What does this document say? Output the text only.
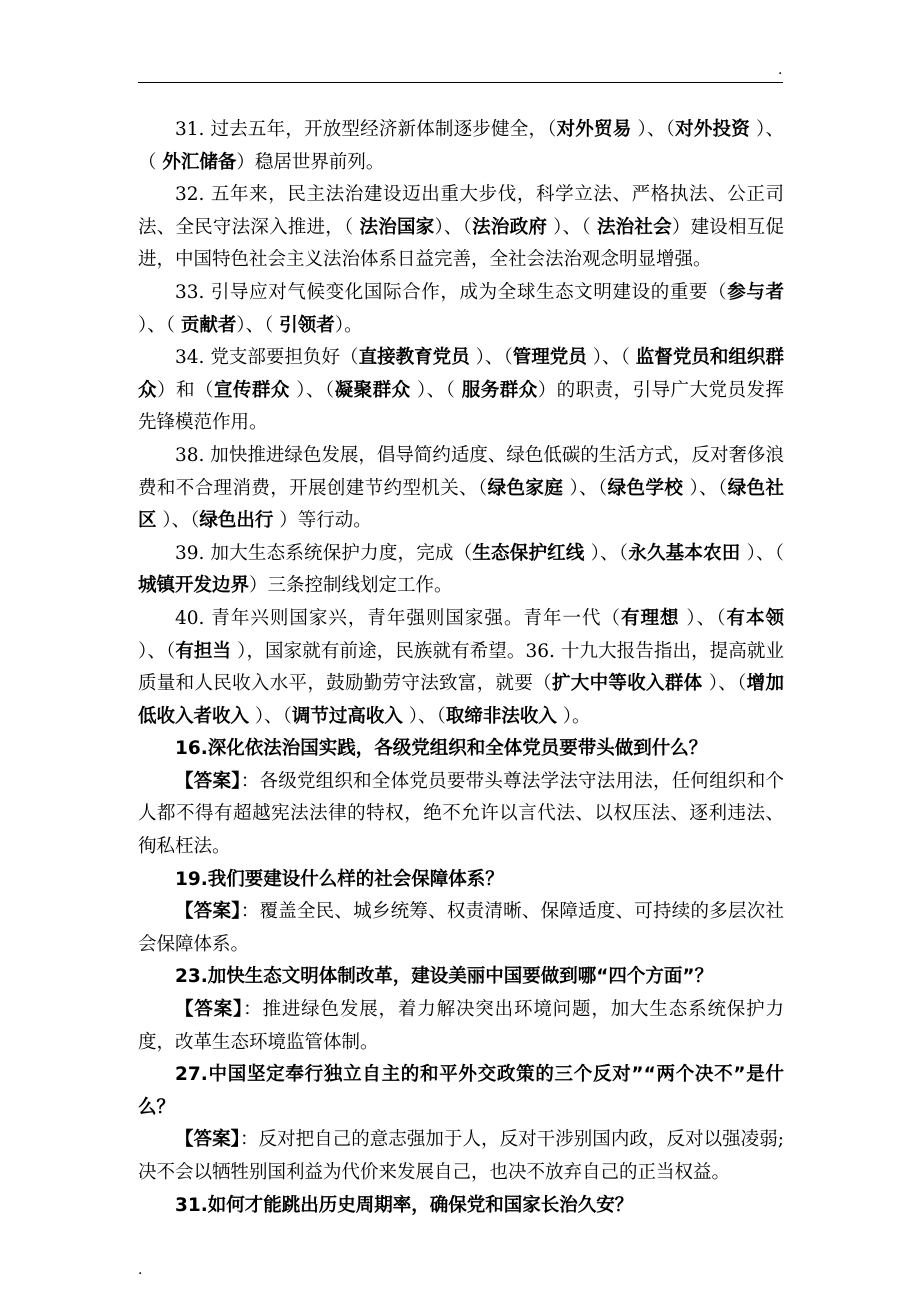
.

31. 过去五年，开放型经济新体制逐步健全，（对外贸易 ）、（对外投资 ）、（ 外汇储备）稳居世界前列。

32. 五年来，民主法治建设迈出重大步伐，科学立法、严格执法、公正司法、全民守法深入推进，（ 法治国家）、（法治政府 ）、（ 法治社会）建设相互促进，中国特色社会主义法治体系日益完善，全社会法治观念明显增强。

33. 引导应对气候变化国际合作，成为全球生态文明建设的重要（参与者 ）、（ 贡献者）、（ 引领者）。

34. 党支部要担负好（直接教育党员 ）、（管理党员 ）、（ 监督党员和组织群众）和（宣传群众 ）、（凝聚群众 ）、（ 服务群众）的职责，引导广大党员发挥先锋模范作用。

38. 加快推进绿色发展，倡导简约适度、绿色低碳的生活方式，反对奢侈浪费和不合理消费，开展创建节约型机关、（绿色家庭 ）、（绿色学校 ）、（绿色社区 ）、（绿色出行 ）等行动。

39. 加大生态系统保护力度，完成（生态保护红线 ）、（永久基本农田 ）、（ 城镇开发边界）三条控制线划定工作。

40. 青年兴则国家兴，青年强则国家强。青年一代（有理想 ）、（有本领 ）、（有担当 ），国家就有前途，民族就有希望。36. 十九大报告指出，提高就业质量和人民收入水平，鼓励勤劳守法致富，就要（扩大中等收入群体 ）、（增加低收入者收入 ）、（调节过高收入 ）、（取缔非法收入 ）。

16.深化依法治国实践，各级党组织和全体党员要带头做到什么？

【答案】：各级党组织和全体党员要带头尊法学法守法用法，任何组织和个人都不得有超越宪法法律的特权，绝不允许以言代法、以权压法、逐利违法、徇私枉法。

19.我们要建设什么样的社会保障体系？

【答案】：覆盖全民、城乡统筹、权责清晰、保障适度、可持续的多层次社会保障体系。

23.加快生态文明体制改革，建设美丽中国要做到哪“四个方面”？

【答案】：推进绿色发展，着力解决突出环境问题，加大生态系统保护力度，改革生态环境监管体制。

27.中国坚定奉行独立自主的和平外交政策的三个反对”“两个决不”是什么？

【答案】：反对把自己的意志强加于人，反对干涉别国内政，反对以强凌弱;决不会以牺牲别国利益为代价来发展自己，也决不放弃自己的正当权益。

31.如何才能跳出历史周期率，确保党和国家长治久安？

.
